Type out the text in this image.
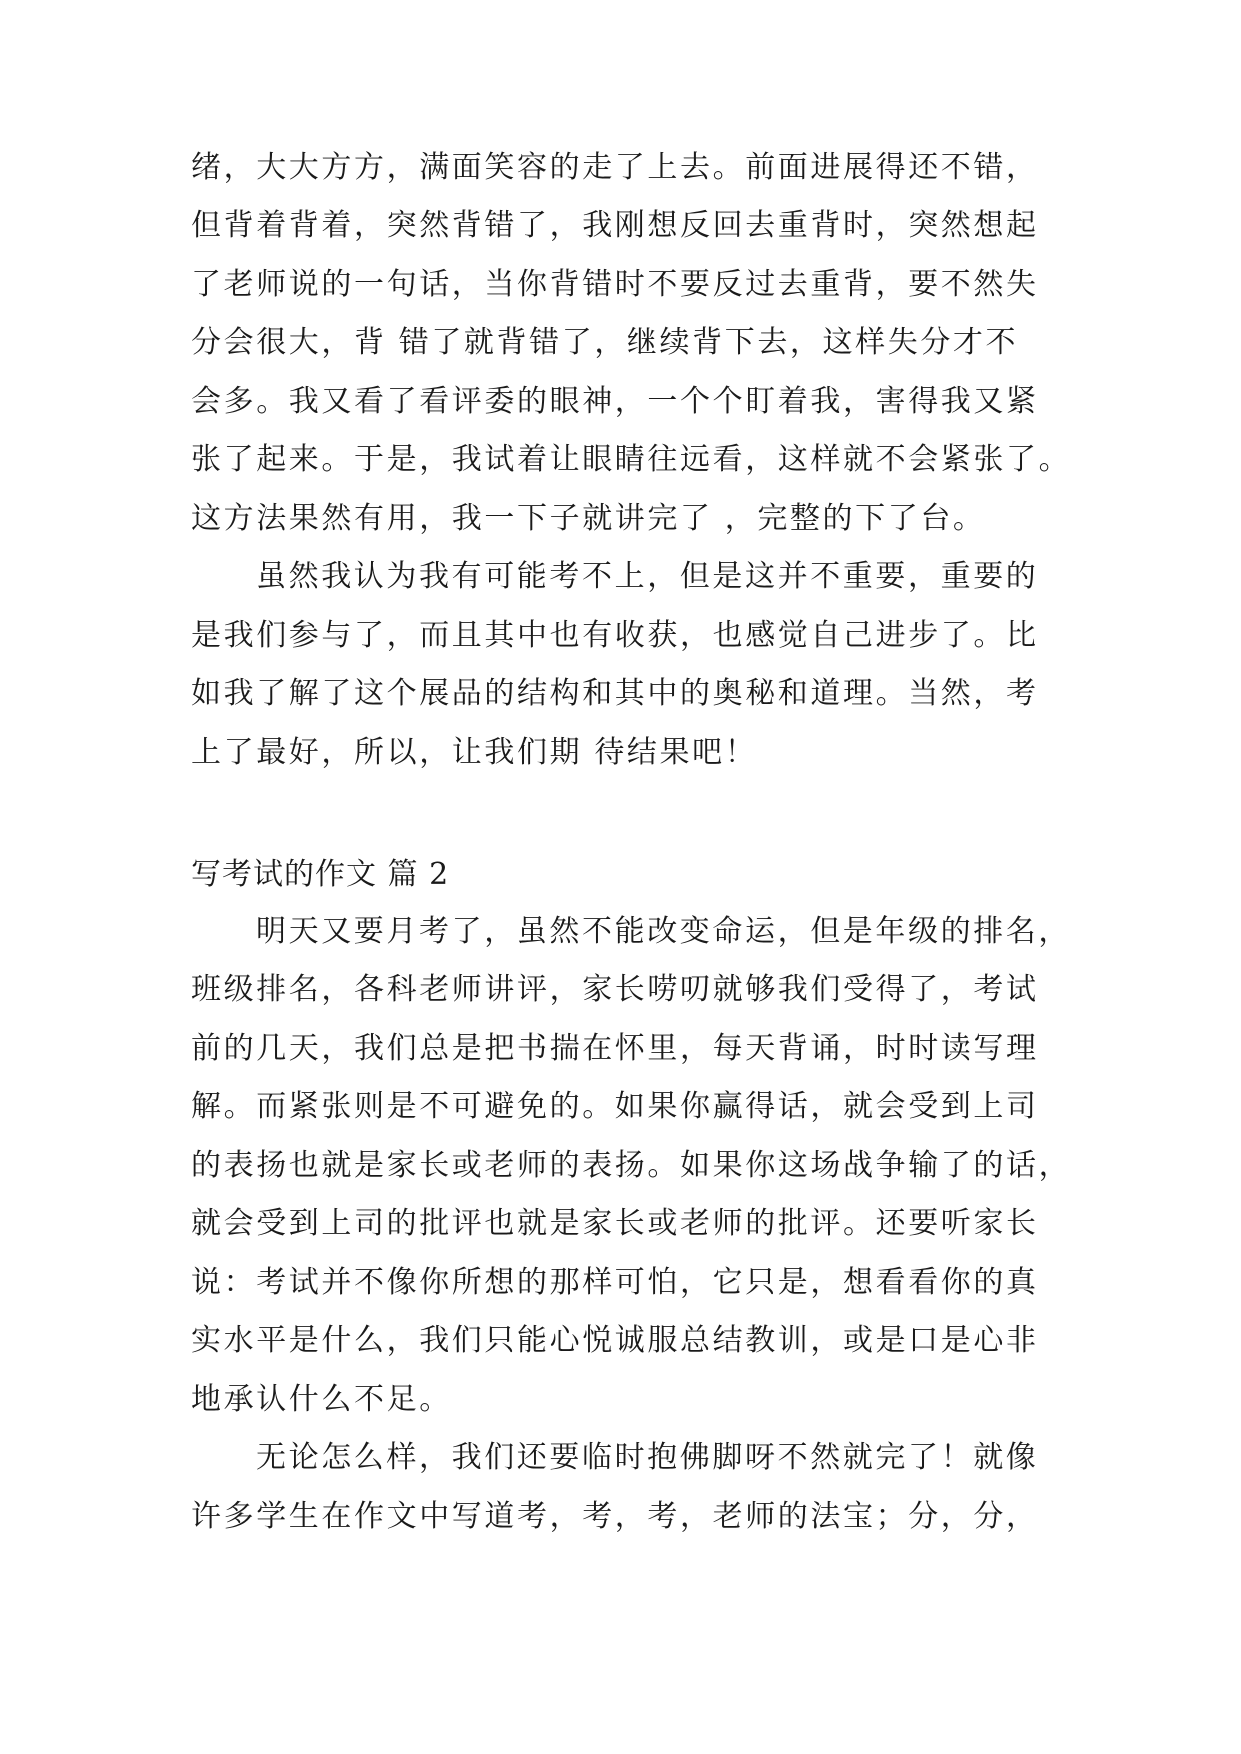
绪，大大方方，满面笑容的走了上去。前面进展得还不错，
但背着背着，突然背错了，我刚想反回去重背时，突然想起
了老师说的一句话，当你背错时不要反过去重背，要不然失
分会很大，背 错了就背错了，继续背下去，这样失分才不
会多。我又看了看评委的眼神，一个个盯着我，害得我又紧
张了起来。于是，我试着让眼睛往远看，这样就不会紧张了。
这方法果然有用，我一下子就讲完了 ，完整的下了台。
虽然我认为我有可能考不上，但是这并不重要，重要的
是我们参与了，而且其中也有收获，也感觉自己进步了。比
如我了解了这个展品的结构和其中的奥秘和道理。当然，考
上了最好，所以，让我们期 待结果吧！
写考试的作文 篇 2
明天又要月考了，虽然不能改变命运，但是年级的排名，
班级排名，各科老师讲评，家长唠叨就够我们受得了，考试
前的几天，我们总是把书揣在怀里，每天背诵，时时读写理
解。而紧张则是不可避免的。如果你赢得话，就会受到上司
的表扬也就是家长或老师的表扬。如果你这场战争输了的话，
就会受到上司的批评也就是家长或老师的批评。还要听家长
说：考试并不像你所想的那样可怕，它只是，想看看你的真
实水平是什么，我们只能心悦诚服总结教训，或是口是心非
地承认什么不足。
无论怎么样，我们还要临时抱佛脚呀不然就完了！就像
许多学生在作文中写道考，考，考，老师的法宝；分，分，
